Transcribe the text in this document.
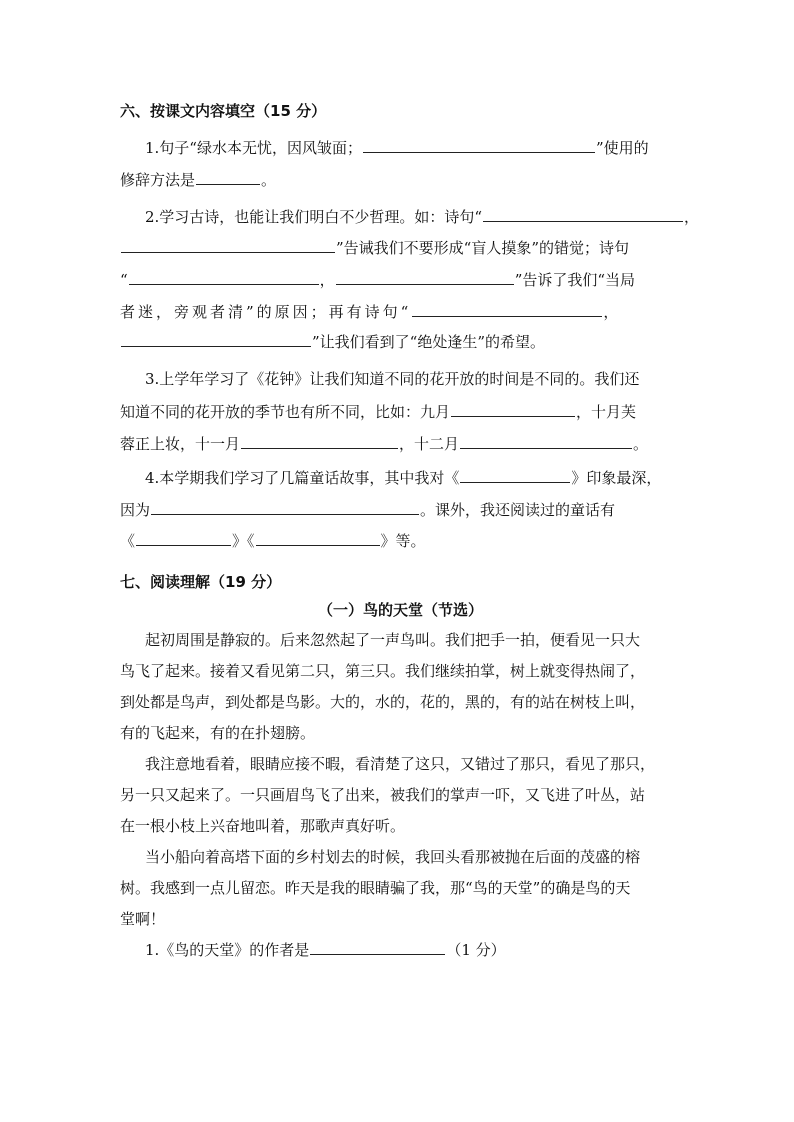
六、按课文内容填空（15 分）
1.句子“绿水本无忧，因风皱面；	”使用的
修辞方法是	。
2.学习古诗，也能让我们明白不少哲理。如：诗句“	，
”告诫我们不要形成“盲人摸象”的错觉；诗句
“	，	”告诉了我们“当局
者迷，旁观者清”的原因；再有诗句“	，
”让我们看到了“绝处逢生”的希望。
3.上学年学习了《花钟》让我们知道不同的花开放的时间是不同的。我们还
知道不同的花开放的季节也有所不同，比如：九月	，十月芙
蓉正上妆，十一月	，十二月	。
4.本学期我们学习了几篇童话故事，其中我对《	》印象最深，
因为	。课外，我还阅读过的童话有
《	》《	》等。
七、阅读理解（19 分）
（一）鸟的天堂（节选）
起初周围是静寂的。后来忽然起了一声鸟叫。我们把手一拍，便看见一只大
鸟飞了起来。接着又看见第二只，第三只。我们继续拍掌，树上就变得热闹了，
到处都是鸟声，到处都是鸟影。大的，水的，花的，黑的，有的站在树枝上叫，
有的飞起来，有的在扑翅膀。
我注意地看着，眼睛应接不暇，看清楚了这只，又错过了那只，看见了那只，
另一只又起来了。一只画眉鸟飞了出来，被我们的掌声一吓，又飞进了叶丛，站
在一根小枝上兴奋地叫着，那歌声真好听。
当小船向着高塔下面的乡村划去的时候，我回头看那被抛在后面的茂盛的榕
树。我感到一点儿留恋。昨天是我的眼睛骗了我，那“鸟的天堂”的确是鸟的天
堂啊！
1.《鸟的天堂》的作者是	（1 分）
